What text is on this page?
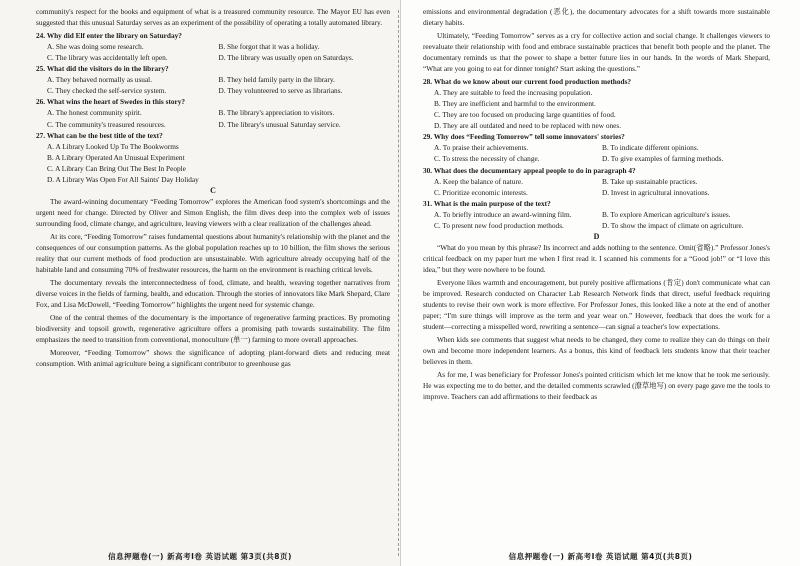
community's respect for the books and equipment of what is a treasured community resource. The Mayor EU has even suggested that this unusual Saturday serves as an experiment of the possibility of operating a totally automated library.

24. Why did Elf enter the library on Saturday?
A. She was doing some research.	B. She forgot that it was a holiday.
C. The library was accidentally left open.	D. The library was usually open on Saturdays.
25. What did the visitors do in the library?
A. They behaved normally as usual.	B. They held family party in the library.
C. They checked the self-service system.	D. They volunteered to serve as librarians.
26. What wins the heart of Swedes in this story?
A. The honest community spirit.	B. The library's appreciation to visitors.
C. The community's treasured resources.	D. The library's unusual Saturday service.
27. What can be the best title of the text?
A. A Library Looked Up To The Bookworms
B. A Library Operated An Unusual Experiment
C. A Library Can Bring Out The Best In People
D. A Library Was Open For All Saints' Day Holiday
C

The award-winning documentary “Feeding Tomorrow” explores the American food system's shortcomings and the urgent need for change. Directed by Oliver and Simon English, the film dives deep into the complex web of issues surrounding food, climate change, and agriculture, leaving viewers with a clear realization of the challenges ahead.

At its core, “Feeding Tomorrow” raises fundamental questions about humanity's relationship with the planet and the consequences of our consumption patterns. As the global population reaches up to 10 billion, the film shows the serious reality that our current methods of food production are unsustainable. With agriculture already occupying half of the habitable land and consuming 70% of freshwater resources, the harm on the environment is reaching critical levels.

The documentary reveals the interconnectedness of food, climate, and health, weaving together narratives from diverse voices in the fields of farming, health, and education. Through the stories of innovators like Mark Shepard, Clare Fox, and Lisa McDowell, “Feeding Tomorrow” highlights the urgent need for systemic change.

One of the central themes of the documentary is the importance of regenerative farming practices. By promoting biodiversity and topsoil growth, regenerative agriculture offers a promising path towards sustainability. The film emphasizes the need to transition from conventional, monoculture (单一) farming to more overall approaches.

Moreover, “Feeding Tomorrow” shows the significance of adopting plant-forward diets and reducing meat consumption. With animal agriculture being a significant contributor to greenhouse gas

信息押题卷(一) 新高考Ⅰ卷 英语试题 第3页(共8页)

emissions and environmental degradation (恶化), the documentary advocates for a shift towards more sustainable dietary habits.

Ultimately, “Feeding Tomorrow” serves as a cry for collective action and social change. It challenges viewers to reevaluate their relationship with food and embrace sustainable practices that benefit both people and the planet. The documentary reminds us that the power to shape a better future lies in our hands. In the words of Mark Shepard, “What are you going to eat for dinner tonight? Start asking the questions.”

28. What do we know about our current food production methods?
A. They are suitable to feed the increasing population.
B. They are inefficient and harmful to the environment.
C. They are too focused on producing large quantities of food.
D. They are all outdated and need to be replaced with new ones.
29. Why does “Feeding Tomorrow” tell some innovators' stories?
A. To praise their achievements.	B. To indicate different opinions.
C. To stress the necessity of change.	D. To give examples of farming methods.
30. What does the documentary appeal people to do in paragraph 4?
A. Keep the balance of nature.	B. Take up sustainable practices.
C. Prioritize economic interests.	D. Invest in agricultural innovations.
31. What is the main purpose of the text?
A. To briefly introduce an award-winning film.	B. To explore American agriculture's issues.
C. To present new food production methods.	D. To show the impact of climate on agriculture.
D

“What do you mean by this phrase? Its incorrect and adds nothing to the sentence. Omit(省略).” Professor Jones's critical feedback on my paper hurt me when I first read it. I scanned his comments for a “Good job!” or “I love this idea,” but they were nowhere to be found.

Everyone likes warmth and encouragement, but purely positive affirmations (肯定) don't communicate what can be improved. Research conducted on Character Lab Research Network finds that direct, useful feedback requiring students to revise their own work is more effective. For Professor Jones, this looked like a note at the end of another paper; “I'm sure things will improve as the term and year wear on.” However, feedback that does the work for a student—correcting a misspelled word, rewriting a sentence—can signal a teacher's low expectations.

When kids see comments that suggest what needs to be changed, they come to realize they can do things on their own and become more independent learners. As a bonus, this kind of feedback lets students know that their teacher believes in them.

As for me, I was beneficiary for Professor Jones's pointed criticism which let me know that he took me seriously. He was expecting me to do better, and the detailed comments scrawled (潦草地写) on every page gave me the tools to improve. Teachers can add affirmations to their feedback as

信息押题卷(一) 新高考Ⅰ卷 英语试题 第4页(共8页)
